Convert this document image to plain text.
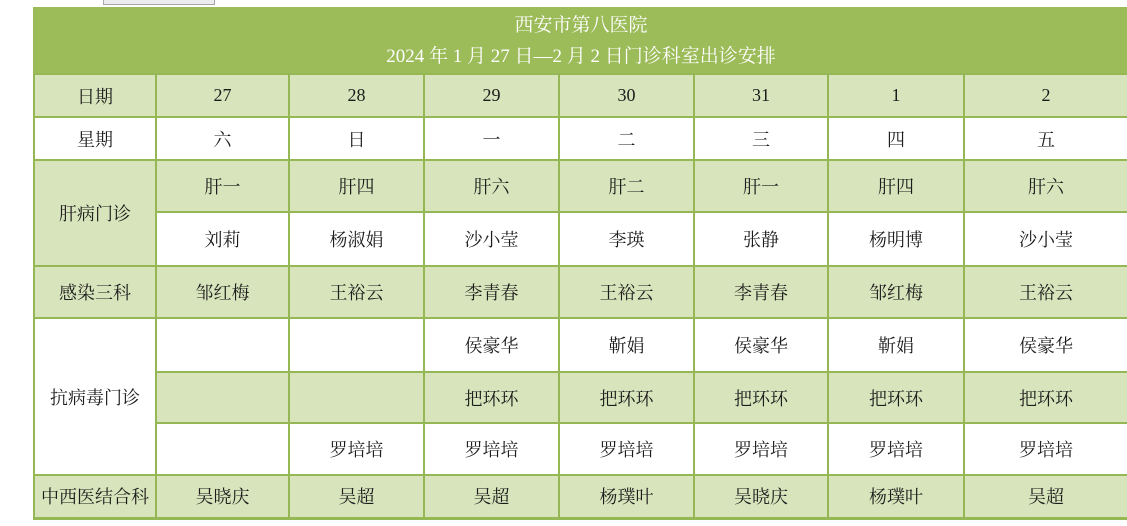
西安市第八医院
2024 年 1 月 27 日—2 月 2 日门诊科室出诊安排							

日期	27	28	29	30	31	1	2
星期	六	日	一	二	三	四	五
肝病门诊	肝一	肝四	肝六	肝二	肝一	肝四	肝六
	刘莉	杨淑娟	沙小莹	李瑛	张静	杨明博	沙小莹
感染三科	邹红梅	王裕云	李青春	王裕云	李青春	邹红梅	王裕云
抗病毒门诊			侯豪华	靳娟	侯豪华	靳娟	侯豪华
			把环环	把环环	把环环	把环环	把环环
		罗培培	罗培培	罗培培	罗培培	罗培培	罗培培
中西医结合科	吴晓庆	吴超	吴超	杨璞叶	吴晓庆	杨璞叶	吴超
